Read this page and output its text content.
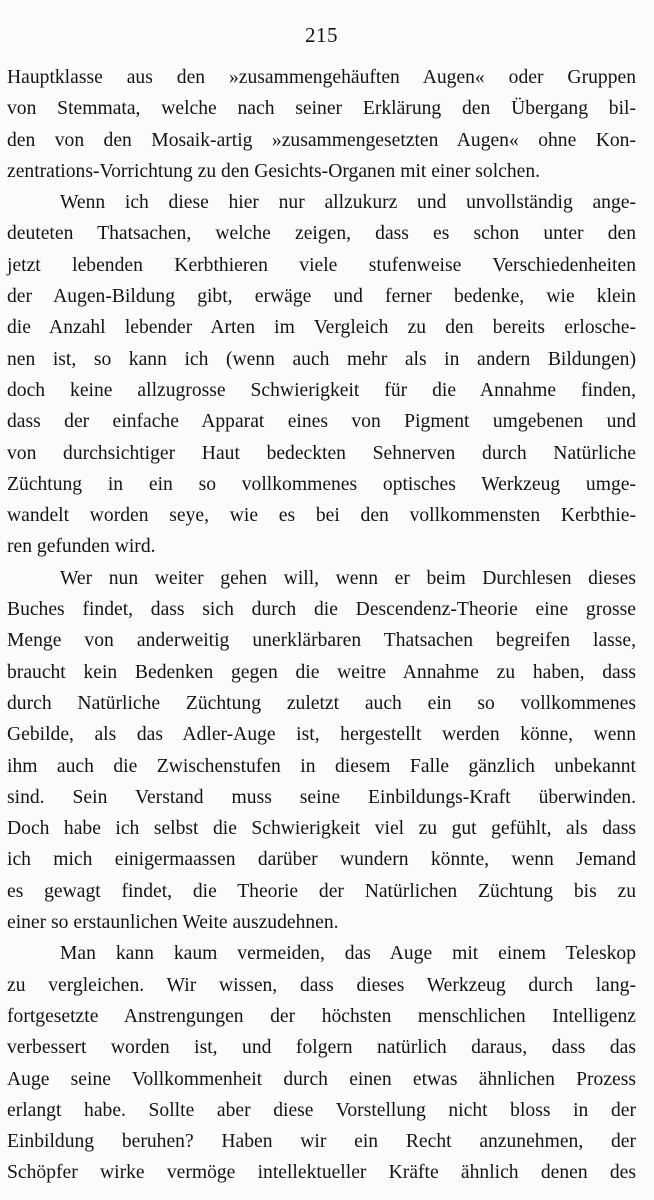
215
Hauptklasse aus den »zusammengehäuften Augen« oder Gruppen
von Stemmata, welche nach seiner Erklärung den Übergang bil-
den von den Mosaik-artig »zusammengesetzten Augen« ohne Kon-
zentrations-Vorrichtung zu den Gesichts-Organen mit einer solchen.
Wenn ich diese hier nur allzukurz und unvollständig ange-
deuteten Thatsachen, welche zeigen, dass es schon unter den
jetzt lebenden Kerbthieren viele stufenweise Verschiedenheiten
der Augen-Bildung gibt, erwäge und ferner bedenke, wie klein
die Anzahl lebender Arten im Vergleich zu den bereits erlosche-
nen ist, so kann ich (wenn auch mehr als in andern Bildungen)
doch keine allzugrosse Schwierigkeit für die Annahme finden,
dass der einfache Apparat eines von Pigment umgebenen und
von durchsichtiger Haut bedeckten Sehnerven durch Natürliche
Züchtung in ein so vollkommenes optisches Werkzeug umge-
wandelt worden seye, wie es bei den vollkommensten Kerbthie-
ren gefunden wird.
Wer nun weiter gehen will, wenn er beim Durchlesen dieses
Buches findet, dass sich durch die Descendenz-Theorie eine grosse
Menge von anderweitig unerklärbaren Thatsachen begreifen lasse,
braucht kein Bedenken gegen die weitre Annahme zu haben, dass
durch Natürliche Züchtung zuletzt auch ein so vollkommenes
Gebilde, als das Adler-Auge ist, hergestellt werden könne, wenn
ihm auch die Zwischenstufen in diesem Falle gänzlich unbekannt
sind. Sein Verstand muss seine Einbildungs-Kraft überwinden.
Doch habe ich selbst die Schwierigkeit viel zu gut gefühlt, als dass
ich mich einigermaassen darüber wundern könnte, wenn Jemand
es gewagt findet, die Theorie der Natürlichen Züchtung bis zu
einer so erstaunlichen Weite auszudehnen.
Man kann kaum vermeiden, das Auge mit einem Teleskop
zu vergleichen. Wir wissen, dass dieses Werkzeug durch lang-
fortgesetzte Anstrengungen der höchsten menschlichen Intelligenz
verbessert worden ist, und folgern natürlich daraus, dass das
Auge seine Vollkommenheit durch einen etwas ähnlichen Prozess
erlangt habe. Sollte aber diese Vorstellung nicht bloss in der
Einbildung beruhen? Haben wir ein Recht anzunehmen, der
Schöpfer wirke vermöge intellektueller Kräfte ähnlich denen des
